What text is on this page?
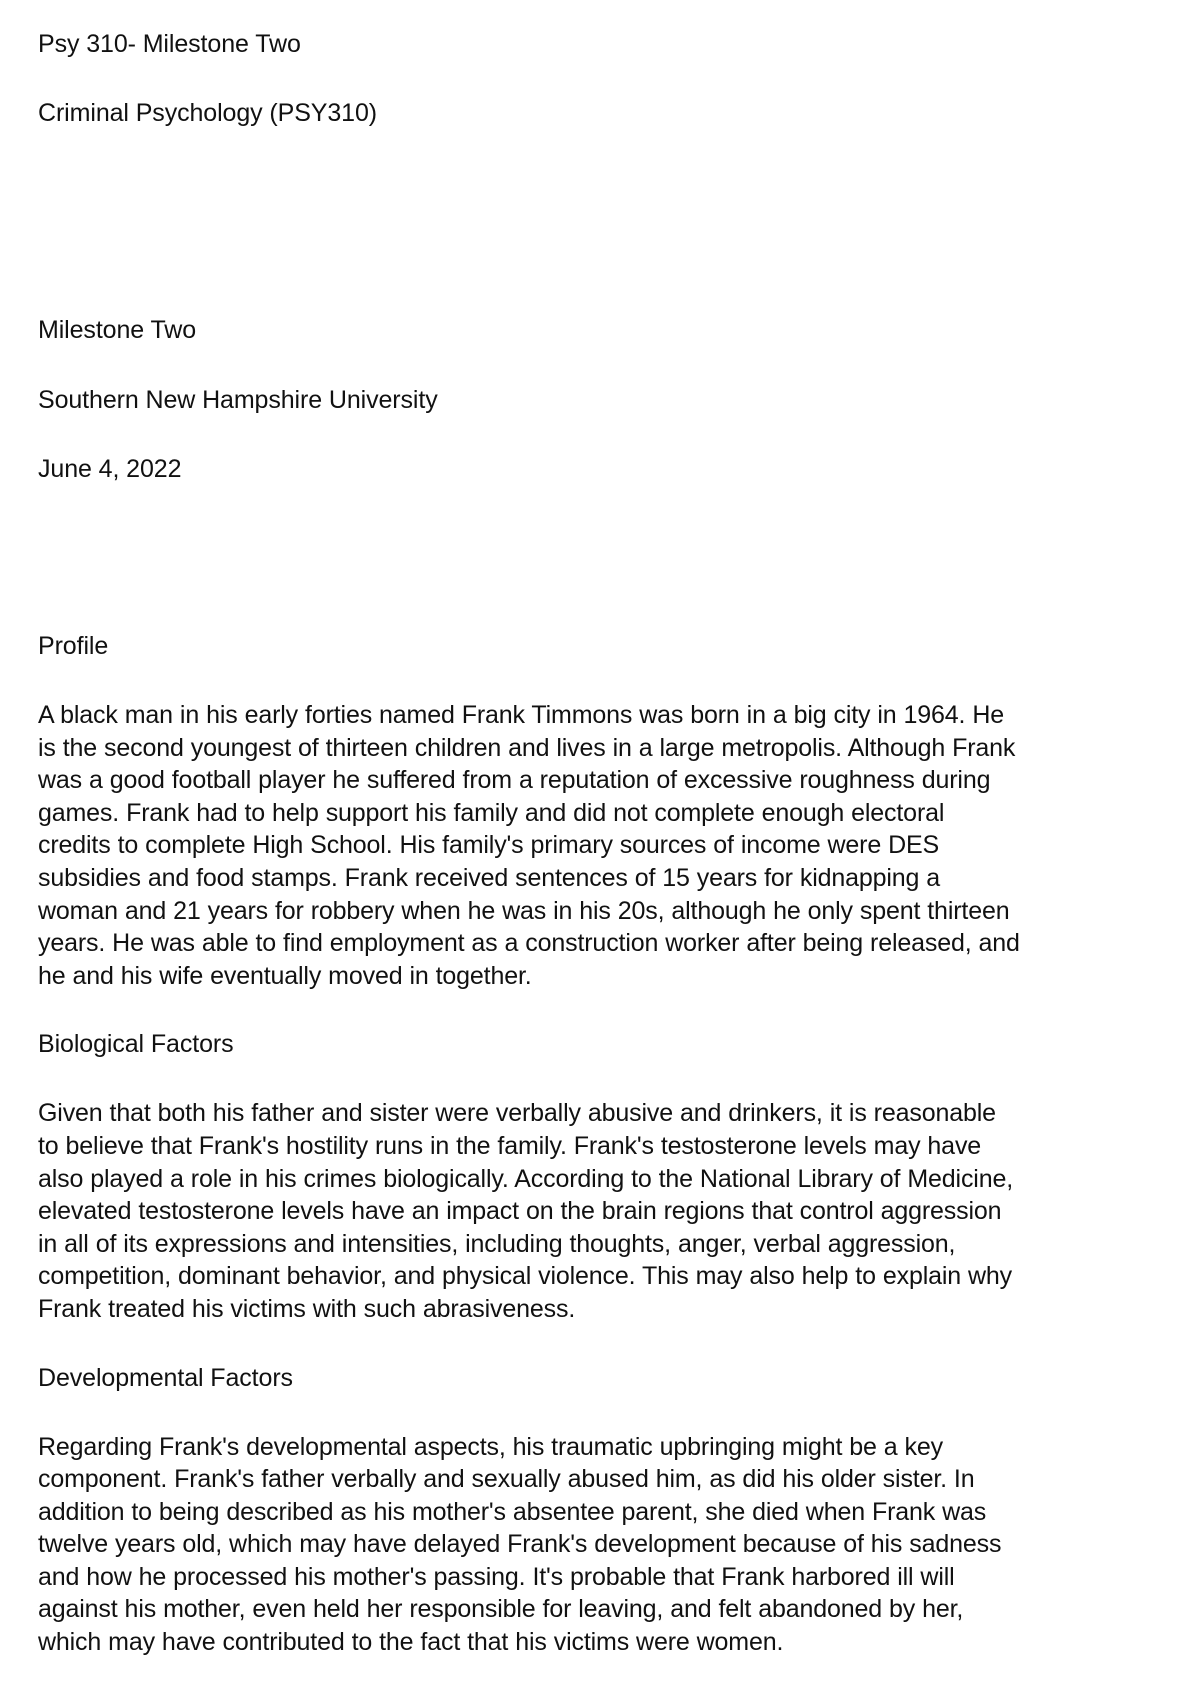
Psy 310- Milestone Two

Criminal Psychology (PSY310)

Milestone Two

Southern New Hampshire University

June 4, 2022

Profile

A black man in his early forties named Frank Timmons was born in a big city in 1964. He
is the second youngest of thirteen children and lives in a large metropolis. Although Frank
was a good football player he suffered from a reputation of excessive roughness during
games. Frank had to help support his family and did not complete enough electoral
credits to complete High School. His family's primary sources of income were DES
subsidies and food stamps. Frank received sentences of 15 years for kidnapping a
woman and 21 years for robbery when he was in his 20s, although he only spent thirteen
years. He was able to find employment as a construction worker after being released, and
he and his wife eventually moved in together.

Biological Factors

Given that both his father and sister were verbally abusive and drinkers, it is reasonable
to believe that Frank's hostility runs in the family. Frank's testosterone levels may have
also played a role in his crimes biologically. According to the National Library of Medicine,
elevated testosterone levels have an impact on the brain regions that control aggression
in all of its expressions and intensities, including thoughts, anger, verbal aggression,
competition, dominant behavior, and physical violence. This may also help to explain why
Frank treated his victims with such abrasiveness.

Developmental Factors

Regarding Frank's developmental aspects, his traumatic upbringing might be a key
component. Frank's father verbally and sexually abused him, as did his older sister. In
addition to being described as his mother's absentee parent, she died when Frank was
twelve years old, which may have delayed Frank's development because of his sadness
and how he processed his mother's passing. It's probable that Frank harbored ill will
against his mother, even held her responsible for leaving, and felt abandoned by her,
which may have contributed to the fact that his victims were women.
